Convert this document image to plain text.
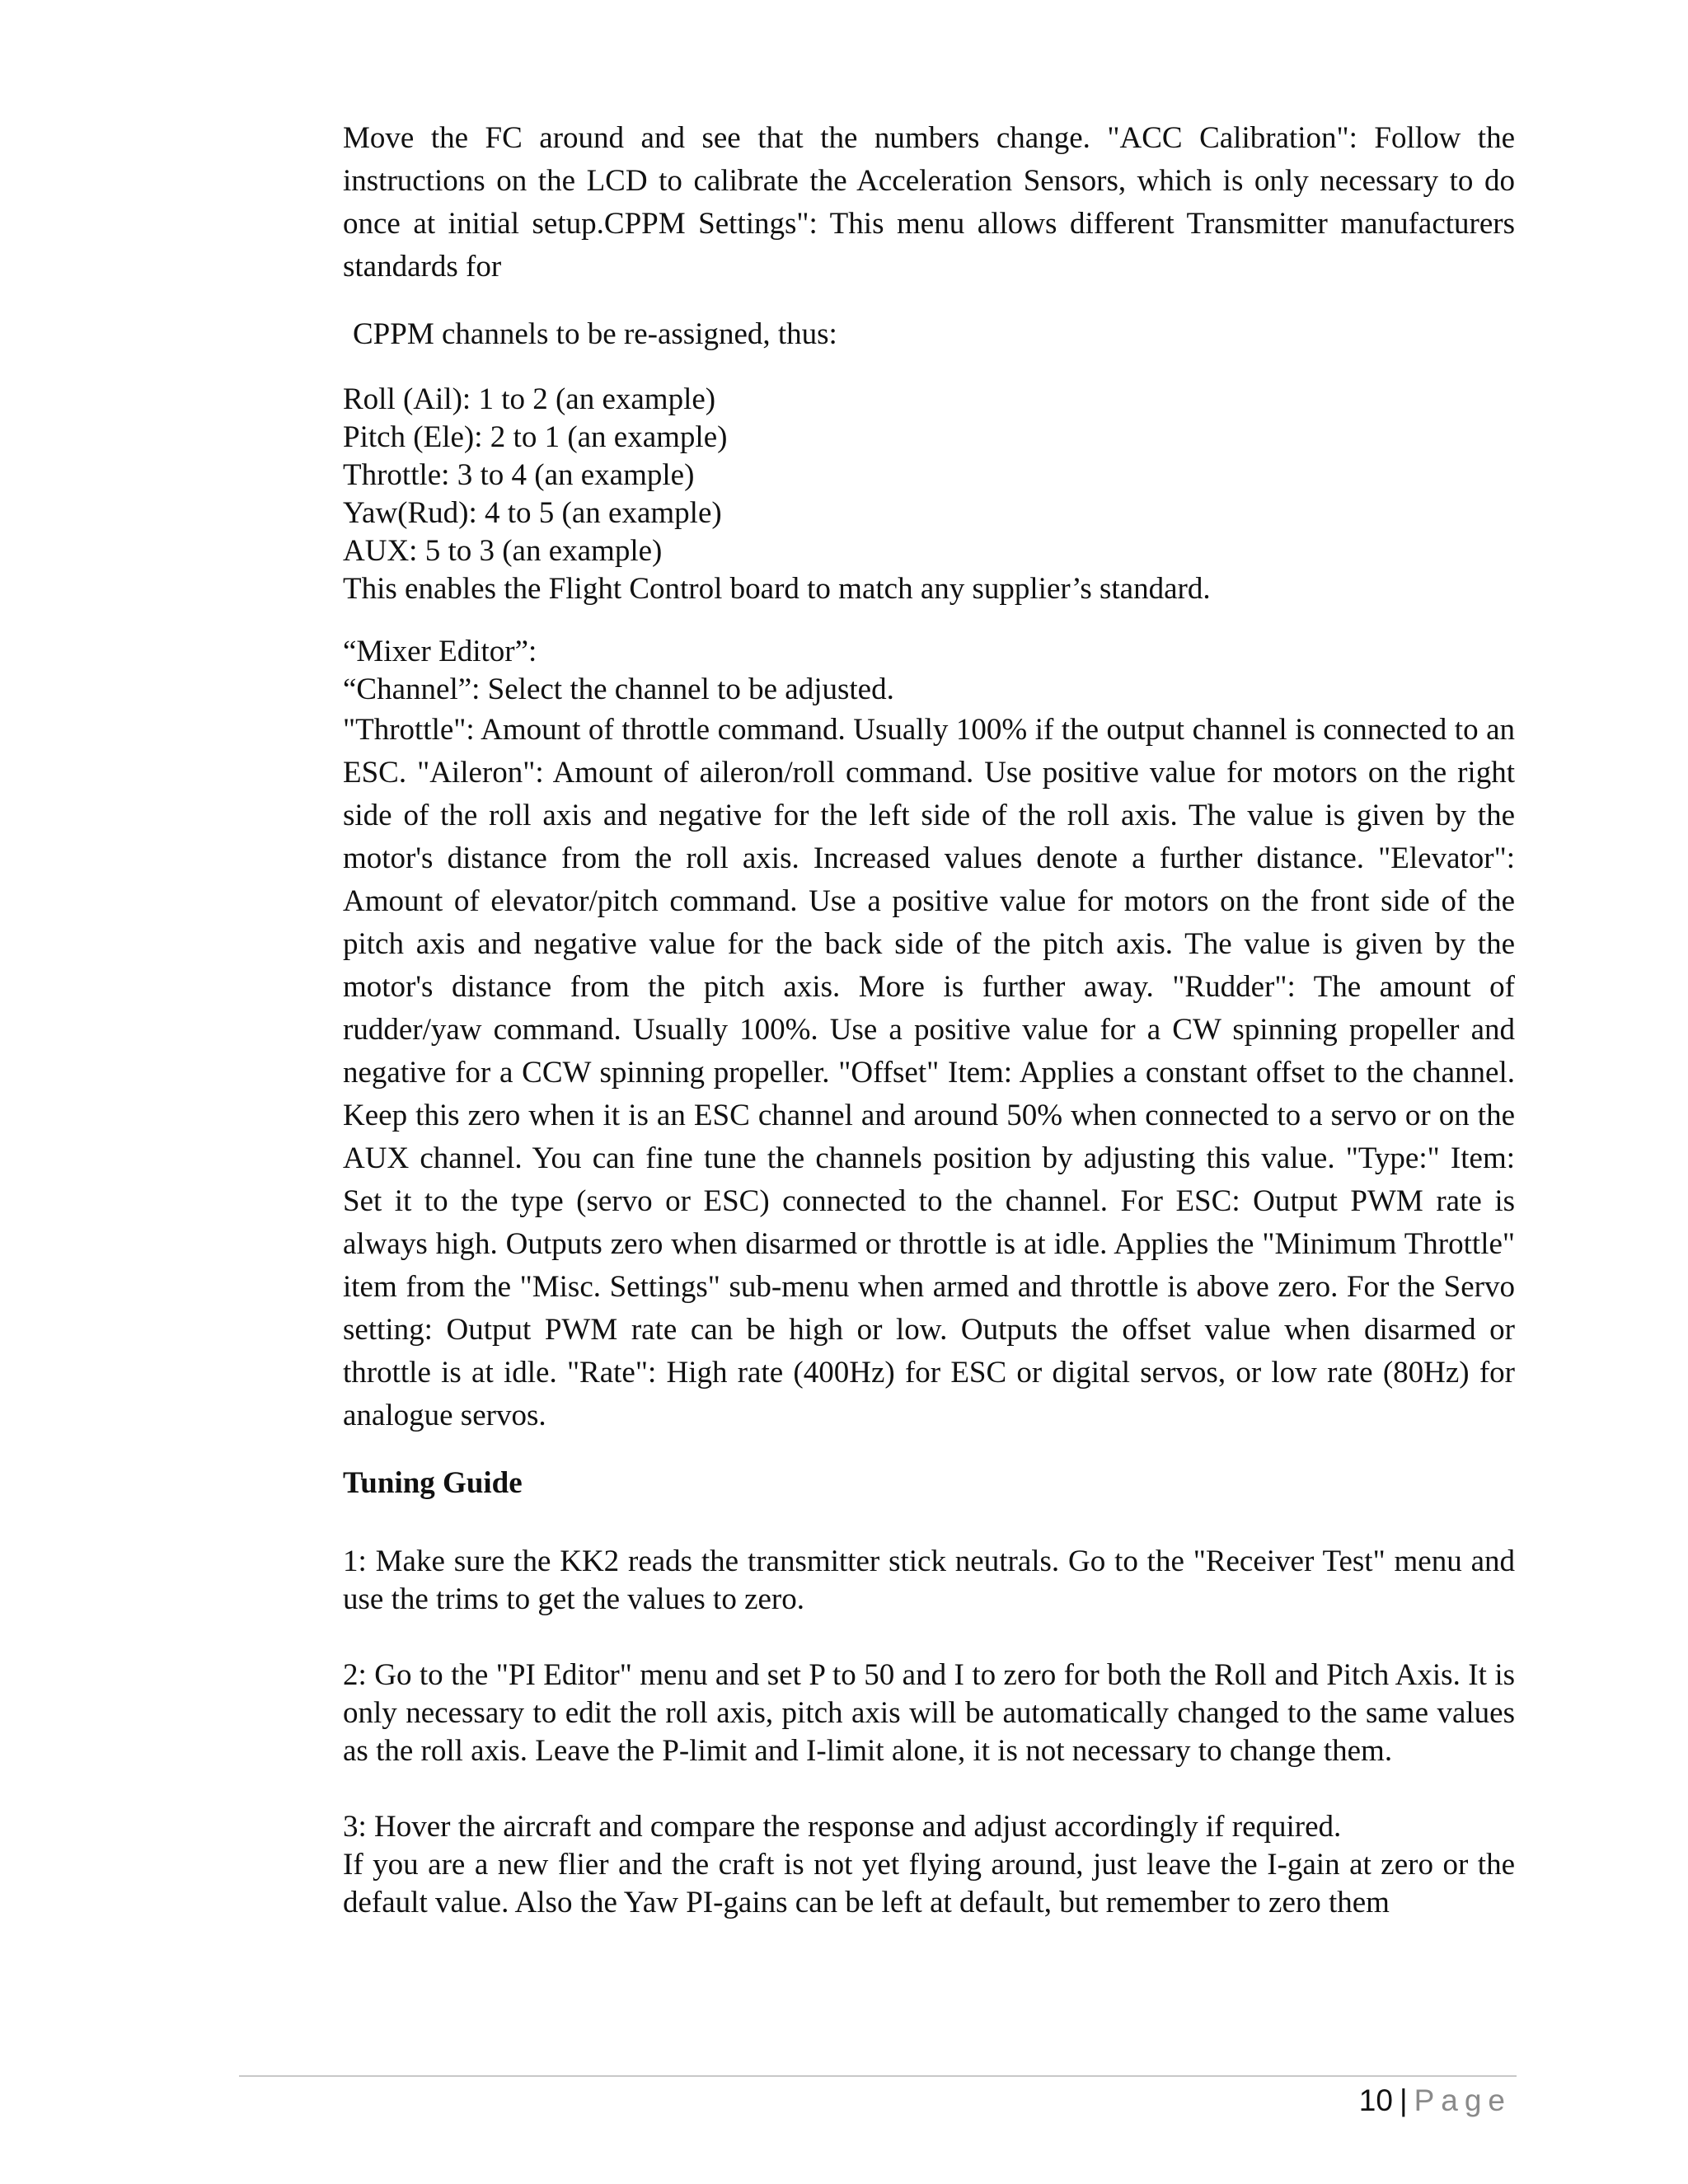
Move the FC around and see that the numbers change. "ACC Calibration": Follow the instructions on the LCD to calibrate the Acceleration Sensors, which is only necessary to do once at initial setup.CPPM Settings": This menu allows different Transmitter manufacturers standards for

CPPM channels to be re-assigned, thus:

Roll (Ail): 1 to 2 (an example)

Pitch (Ele): 2 to 1 (an example)

Throttle: 3 to 4 (an example)

Yaw(Rud): 4 to 5 (an example)

AUX: 5 to 3 (an example)

This enables the Flight Control board to match any supplier’s standard.

“Mixer Editor”:

“Channel”: Select the channel to be adjusted.

"Throttle": Amount of throttle command. Usually 100% if the output channel is connected to an ESC. "Aileron": Amount of aileron/roll command. Use positive value for motors on the right side of the roll axis and negative for the left side of the roll axis. The value is given by the motor's distance from the roll axis. Increased values denote a further distance. "Elevator": Amount of elevator/pitch command. Use a positive value for motors on the front side of the pitch axis and negative value for the back side of the pitch axis. The value is given by the motor's distance from the pitch axis. More is further away. "Rudder": The amount of rudder/yaw command. Usually 100%. Use a positive value for a CW spinning propeller and negative for a CCW spinning propeller. "Offset" Item: Applies a constant offset to the channel. Keep this zero when it is an ESC channel and around 50% when connected to a servo or on the AUX channel. You can fine tune the channels position by adjusting this value. "Type:" Item: Set it to the type (servo or ESC) connected to the channel. For ESC: Output PWM rate is always high. Outputs zero when disarmed or throttle is at idle. Applies the "Minimum Throttle" item from the "Misc. Settings" sub-menu when armed and throttle is above zero. For the Servo setting: Output PWM rate can be high or low. Outputs the offset value when disarmed or throttle is at idle. "Rate": High rate (400Hz) for ESC or digital servos, or low rate (80Hz) for analogue servos.

Tuning Guide

1: Make sure the KK2 reads the transmitter stick neutrals. Go to the "Receiver Test" menu and use the trims to get the values to zero.

2: Go to the "PI Editor" menu and set P to 50 and I to zero for both the Roll and Pitch Axis. It is only necessary to edit the roll axis, pitch axis will be automatically changed to the same values as the roll axis. Leave the P-limit and I-limit alone, it is not necessary to change them.

3: Hover the aircraft and compare the response and adjust accordingly if required.

If you are a new flier and the craft is not yet flying around, just leave the I-gain at zero or the default value. Also the Yaw PI-gains can be left at default, but remember to zero them

10 | Page
